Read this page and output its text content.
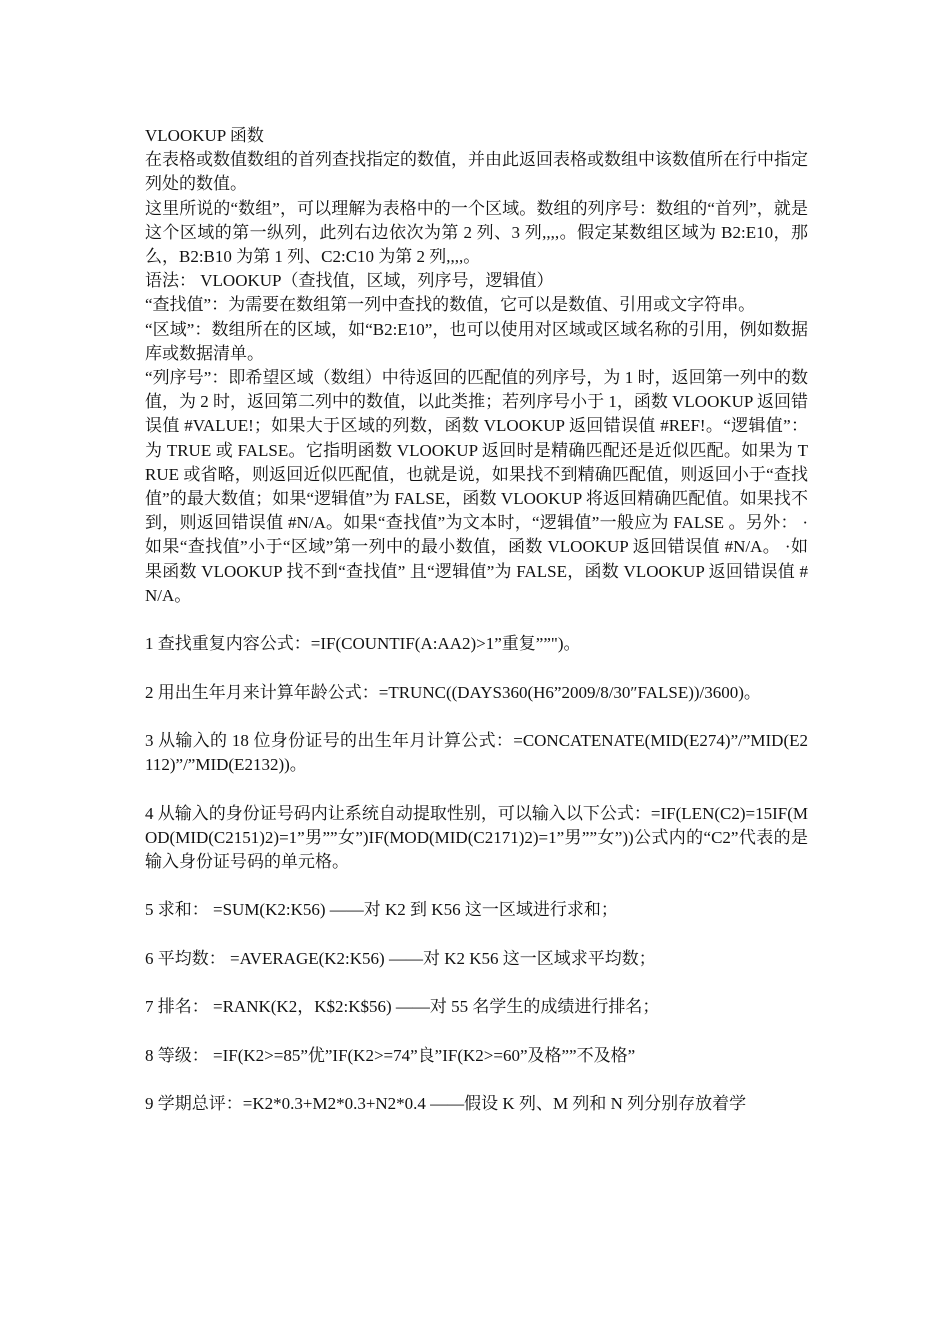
VLOOKUP 函数

在表格或数值数组的首列查找指定的数值，并由此返回表格或数组中该数值所在行中指定列处的数值。

这里所说的“数组”，可以理解为表格中的一个区域。数组的列序号：数组的“首列”，就是这个区域的第一纵列，此列右边依次为第 2 列、3 列,,,,。假定某数组区域为 B2:E10，那么，B2:B10 为第 1 列、C2:C10 为第 2 列,,,,。

语法： VLOOKUP（查找值，区域，列序号，逻辑值）

“查找值”：为需要在数组第一列中查找的数值，它可以是数值、引用或文字符串。

“区域”：数组所在的区域，如“B2:E10”，也可以使用对区域或区域名称的引用，例如数据库或数据清单。

“列序号”：即希望区域（数组）中待返回的匹配值的列序号，为 1 时，返回第一列中的数值，为 2 时，返回第二列中的数值，以此类推；若列序号小于 1，函数 VLOOKUP 返回错误值 #VALUE!；如果大于区域的列数，函数 VLOOKUP 返回错误值 #REF!。“逻辑值”：为 TRUE 或 FALSE。它指明函数 VLOOKUP 返回时是精确匹配还是近似匹配。如果为 TRUE 或省略，则返回近似匹配值，也就是说，如果找不到精确匹配值，则返回小于“查找值”的最大数值；如果“逻辑值”为 FALSE，函数 VLOOKUP 将返回精确匹配值。如果找不到，则返回错误值 #N/A。如果“查找值”为文本时，“逻辑值”一般应为 FALSE 。另外： ·如果“查找值”小于“区域”第一列中的最小数值，函数 VLOOKUP 返回错误值 #N/A。 ·如果函数 VLOOKUP 找不到“查找值” 且“逻辑值”为 FALSE，函数 VLOOKUP 返回错误值 #N/A。

1 查找重复内容公式：=IF(COUNTIF(A:AA2)>1”重复””")。

2 用出生年月来计算年龄公式：=TRUNC((DAYS360(H6”2009/8/30″FALSE))/3600)。

3 从输入的 18 位身份证号的出生年月计算公式：=CONCATENATE(MID(E274)”/”MID(E2112)”/”MID(E2132))。

4 从输入的身份证号码内让系统自动提取性别，可以输入以下公式：=IF(LEN(C2)=15IF(MOD(MID(C2151)2)=1”男””女”)IF(MOD(MID(C2171)2)=1”男””女”))公式内的“C2”代表的是输入身份证号码的单元格。

5 求和： =SUM(K2:K56) ——对 K2 到 K56 这一区域进行求和；

6 平均数： =AVERAGE(K2:K56) ——对 K2 K56 这一区域求平均数；

7 排名： =RANK(K2，K$2:K$56) ——对 55 名学生的成绩进行排名；

8 等级： =IF(K2>=85”优”IF(K2>=74”良”IF(K2>=60”及格””不及格”

9 学期总评：=K2*0.3+M2*0.3+N2*0.4 ——假设 K 列、M 列和 N 列分别存放着学
